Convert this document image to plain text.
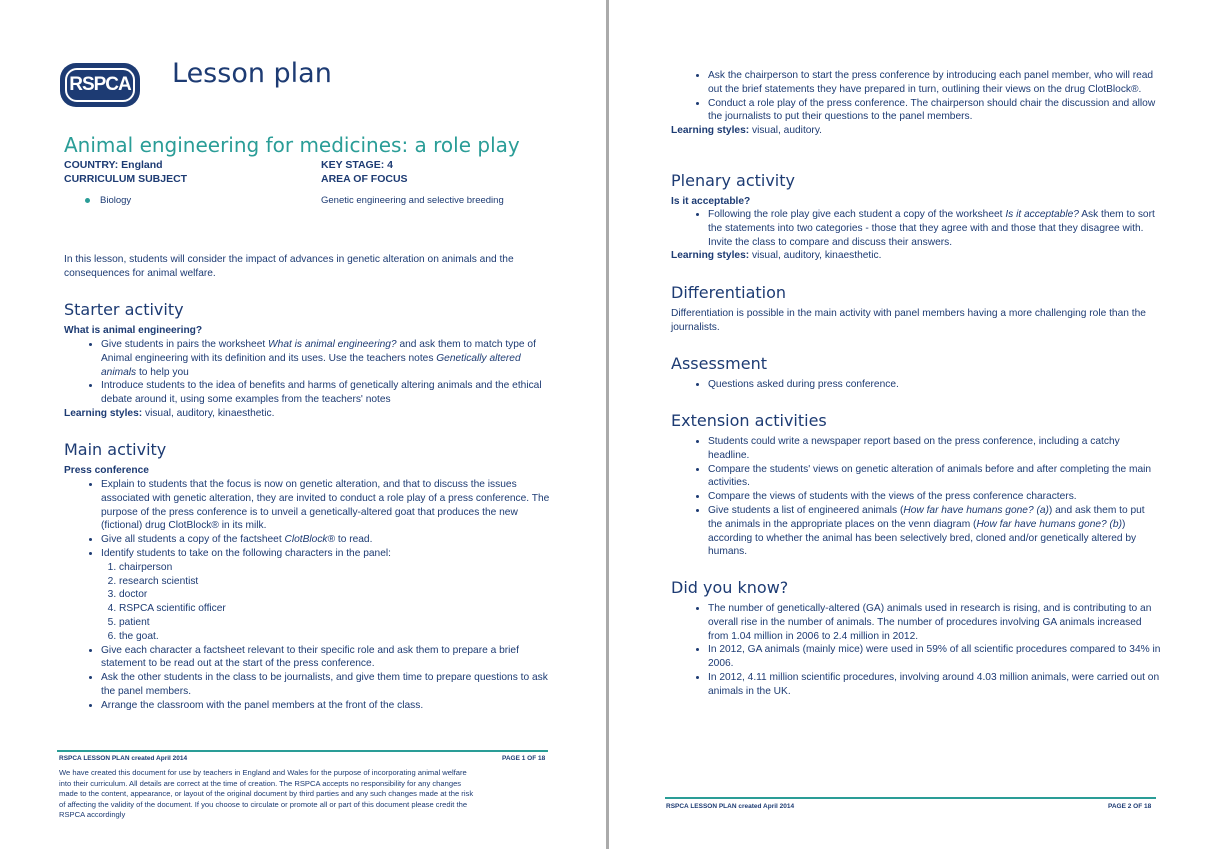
RSPCA Lesson plan
Animal engineering for medicines: a role play
COUNTRY: England	KEY STAGE: 4
CURRICULUM SUBJECT	AREA OF FOCUS
Biology	Genetic engineering and selective breeding
In this lesson, students will consider the impact of advances in genetic alteration on animals and the consequences for animal welfare.
Starter activity
What is animal engineering?
• Give students in pairs the worksheet What is animal engineering? and ask them to match type of Animal engineering with its definition and its uses. Use the teachers notes Genetically altered animals to help you
• Introduce students to the idea of benefits and harms of genetically altering animals and the ethical debate around it, using some examples from the teachers' notes

Learning styles: visual, auditory, kinaesthetic.

Main activity
Press conference
• Explain to students that the focus is now on genetic alteration, and that to discuss the issues associated with genetic alteration, they are invited to conduct a role play of a press conference. The purpose of the press conference is to unveil a genetically-altered goat that produces the new (fictional) drug ClotBlock® in its milk.
• Give all students a copy of the factsheet ClotBlock® to read.
• Identify students to take on the following characters in the panel:
1. chairperson
2. research scientist
3. doctor
4. RSPCA scientific officer
5. patient
6. the goat.
• Give each character a factsheet relevant to their specific role and ask them to prepare a brief statement to be read out at the start of the press conference.
• Ask the other students in the class to be journalists, and give them time to prepare questions to ask the panel members.
• Arrange the classroom with the panel members at the front of the class.
RSPCA LESSON PLAN created April 2014	PAGE 1 OF 18
We have created this document for use by teachers in England and Wales for the purpose of incorporating animal welfare into their curriculum. All details are correct at the time of creation. The RSPCA accepts no responsibility for any changes made to the content, appearance, or layout of the original document by third parties and any such changes made at the risk of affecting the validity of the document. If you choose to circulate or promote all or part of this document please credit the RSPCA accordingly
• Ask the chairperson to start the press conference by introducing each panel member, who will read out the brief statements they have prepared in turn, outlining their views on the drug ClotBlock®.
• Conduct a role play of the press conference. The chairperson should chair the discussion and allow the journalists to put their questions to the panel members.

Learning styles: visual, auditory.

Plenary activity
Is it acceptable?
• Following the role play give each student a copy of the worksheet Is it acceptable? Ask them to sort the statements into two categories - those that they agree with and those that they disagree with. Invite the class to compare and discuss their answers.

Learning styles: visual, auditory, kinaesthetic.

Differentiation
Differentiation is possible in the main activity with panel members having a more challenging role than the journalists.
Assessment
• Questions asked during press conference.
Extension activities
• Students could write a newspaper report based on the press conference, including a catchy headline.
• Compare the students' views on genetic alteration of animals before and after completing the main activities.
• Compare the views of students with the views of the press conference characters.
• Give students a list of engineered animals (How far have humans gone? (a)) and ask them to put the animals in the appropriate places on the venn diagram (How far have humans gone? (b)) according to whether the animal has been selectively bred, cloned and/or genetically altered by humans.
Did you know?
• The number of genetically-altered (GA) animals used in research is rising, and is contributing to an overall rise in the number of animals. The number of procedures involving GA animals increased from 1.04 million in 2006 to 2.4 million in 2012.
• In 2012, GA animals (mainly mice) were used in 59% of all scientific procedures compared to 34% in 2006.
• In 2012, 4.11 million scientific procedures, involving around 4.03 million animals, were carried out on animals in the UK.
RSPCA LESSON PLAN created April 2014	PAGE 2 OF 18
